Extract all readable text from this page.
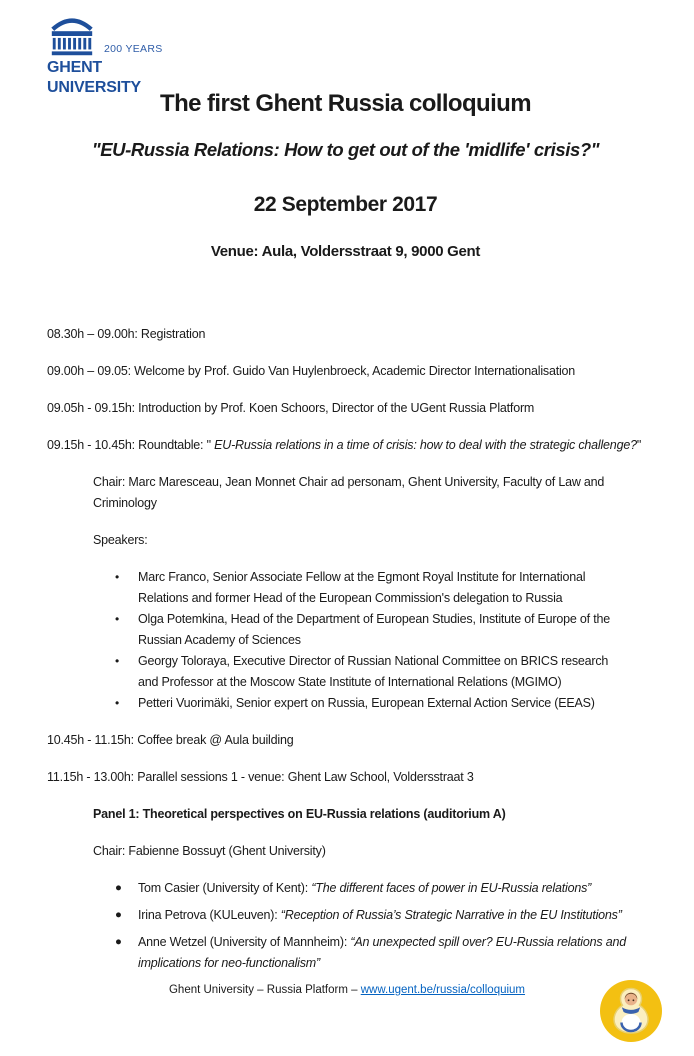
200 YEARS
GHENT
UNIVERSITY
The first Ghent Russia colloquium
"EU-Russia Relations: How to get out of the 'midlife' crisis?"
22 September 2017
Venue: Aula, Voldersstraat 9, 9000 Gent
08.30h – 09.00h: Registration
09.00h – 09.05: Welcome by Prof. Guido Van Huylenbroeck, Academic Director Internationalisation
09.05h - 09.15h: Introduction by Prof. Koen Schoors, Director of the UGent Russia Platform
09.15h - 10.45h: Roundtable: " EU-Russia relations in a time of crisis: how to deal with the strategic challenge?"
Chair: Marc Maresceau, Jean Monnet Chair ad personam, Ghent University, Faculty of Law and
Criminology
Speakers:
•	Marc Franco, Senior Associate Fellow at the Egmont Royal Institute for International
Relations and former Head of the European Commission's delegation to Russia
•	Olga Potemkina, Head of the Department of European Studies, Institute of Europe of the
Russian Academy of Sciences
•	Georgy Toloraya, Executive Director of Russian National Committee on BRICS research
and Professor at the Moscow State Institute of International Relations (MGIMO)
•	Petteri Vuorimäki, Senior expert on Russia, European External Action Service (EEAS)
10.45h - 11.15h: Coffee break @ Aula building
11.15h - 13.00h: Parallel sessions 1 - venue: Ghent Law School, Voldersstraat 3
Panel 1: Theoretical perspectives on EU-Russia relations (auditorium A)
Chair: Fabienne Bossuyt (Ghent University)
●	Tom Casier (University of Kent): “The different faces of power in EU-Russia relations”
●	Irina Petrova (KULeuven): “Reception of Russia’s Strategic Narrative in the EU Institutions”
●	Anne Wetzel (University of Mannheim): “An unexpected spill over? EU-Russia relations and
implications for neo-functionalism”
Ghent University – Russia Platform – www.ugent.be/russia/colloquium
